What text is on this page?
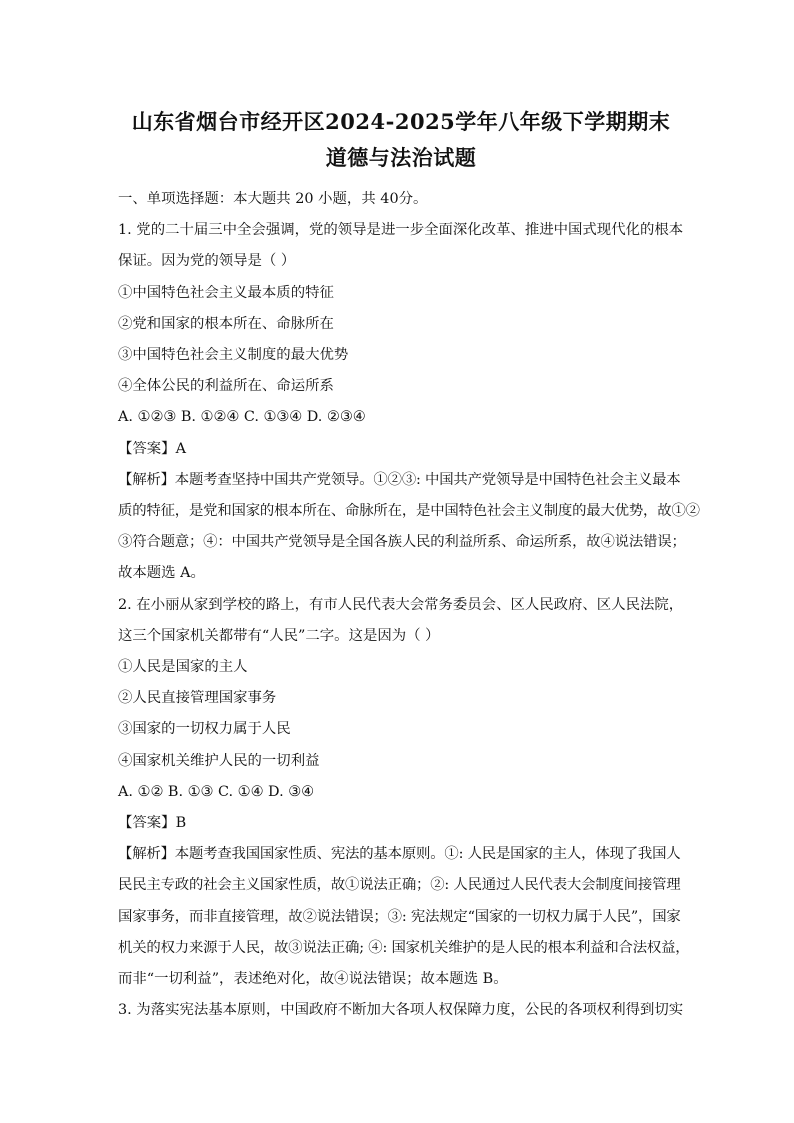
山东省烟台市经开区2024-2025学年八年级下学期期末
道德与法治试题

一、单项选择题：本大题共 20 小题，共 40分。

1. 党的二十届三中全会强调，党的领导是进一步全面深化改革、推进中国式现代化的根本

保证。因为党的领导是（ ）

①中国特色社会主义最本质的特征

②党和国家的根本所在、命脉所在

③中国特色社会主义制度的最大优势

④全体公民的利益所在、命运所系

A. ①②③ B. ①②④ C. ①③④ D. ②③④

【答案】A

【解析】本题考查坚持中国共产党领导。①②③: 中国共产党领导是中国特色社会主义最本

质的特征，是党和国家的根本所在、命脉所在，是中国特色社会主义制度的最大优势，故①②

③符合题意；④：中国共产党领导是全国各族人民的利益所系、命运所系，故④说法错误；

故本题选 A。

2. 在小丽从家到学校的路上，有市人民代表大会常务委员会、区人民政府、区人民法院，

这三个国家机关都带有“人民”二字。这是因为（ ）

①人民是国家的主人

②人民直接管理国家事务

③国家的一切权力属于人民

④国家机关维护人民的一切利益

A. ①② B. ①③ C. ①④ D. ③④

【答案】B

【解析】本题考查我国国家性质、宪法的基本原则。①: 人民是国家的主人，体现了我国人

民民主专政的社会主义国家性质，故①说法正确；②: 人民通过人民代表大会制度间接管理

国家事务，而非直接管理，故②说法错误；③: 宪法规定“国家的一切权力属于人民”，国家

机关的权力来源于人民，故③说法正确; ④: 国家机关维护的是人民的根本利益和合法权益，

而非“一切利益”，表述绝对化，故④说法错误；故本题选 B。

3. 为落实宪法基本原则，中国政府不断加大各项人权保障力度，公民的各项权利得到切实
